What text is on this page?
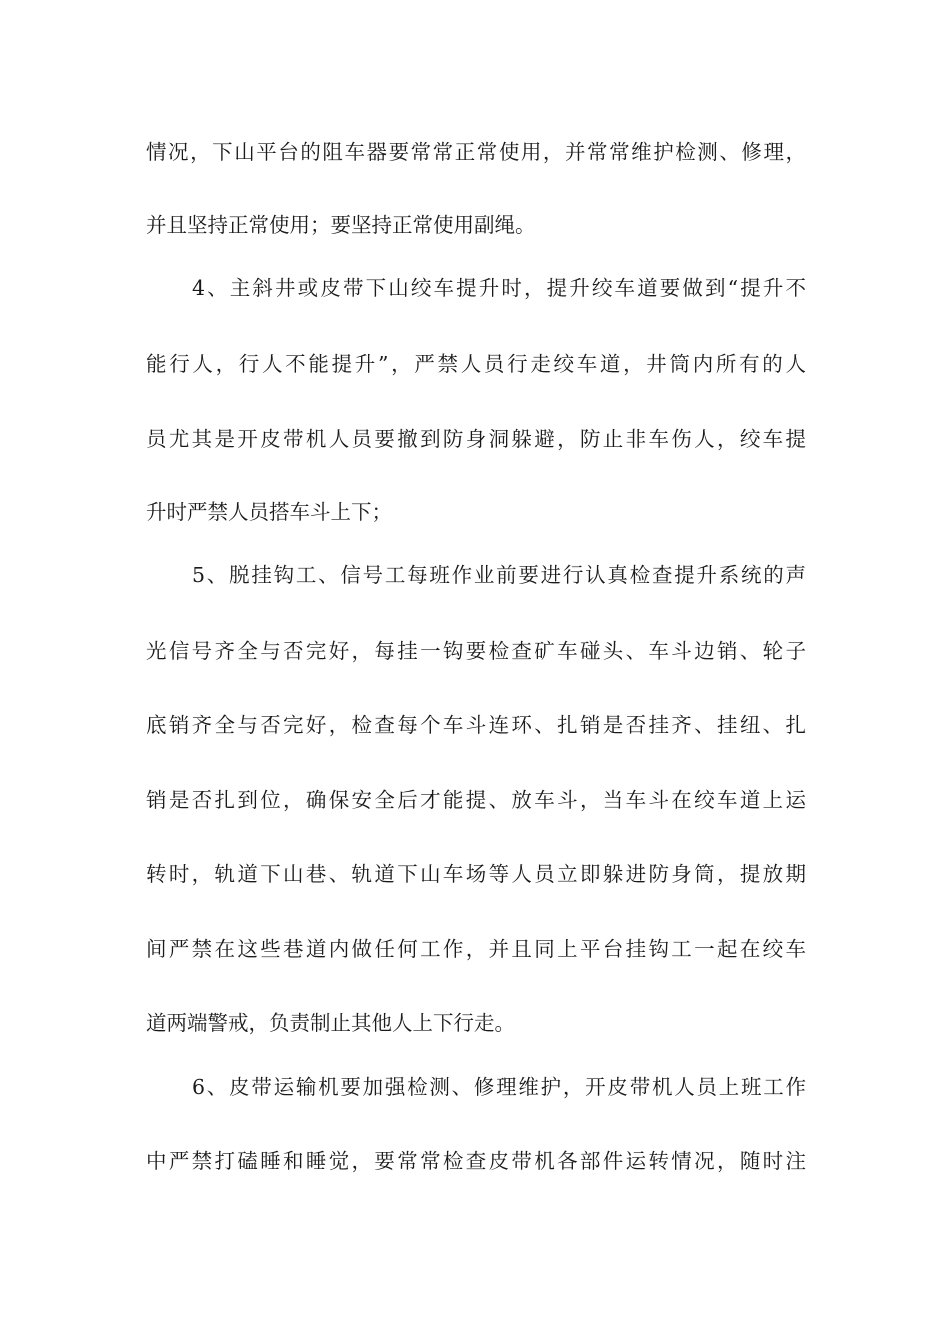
情况，下山平台的阻车器要常常正常使用，并常常维护检测、修理，
并且坚持正常使用；要坚持正常使用副绳。
4、主斜井或皮带下山绞车提升时，提升绞车道要做到“提升不
能行人，行人不能提升”，严禁人员行走绞车道，井筒内所有的人
员尤其是开皮带机人员要撤到防身洞躲避，防止非车伤人，绞车提
升时严禁人员搭车斗上下；
5、脱挂钩工、信号工每班作业前要进行认真检查提升系统的声
光信号齐全与否完好，每挂一钩要检查矿车碰头、车斗边销、轮子
底销齐全与否完好，检查每个车斗连环、扎销是否挂齐、挂纽、扎
销是否扎到位，确保安全后才能提、放车斗，当车斗在绞车道上运
转时，轨道下山巷、轨道下山车场等人员立即躲进防身筒，提放期
间严禁在这些巷道内做任何工作，并且同上平台挂钩工一起在绞车
道两端警戒，负责制止其他人上下行走。
6、皮带运输机要加强检测、修理维护，开皮带机人员上班工作
中严禁打磕睡和睡觉，要常常检查皮带机各部件运转情况，随时注
